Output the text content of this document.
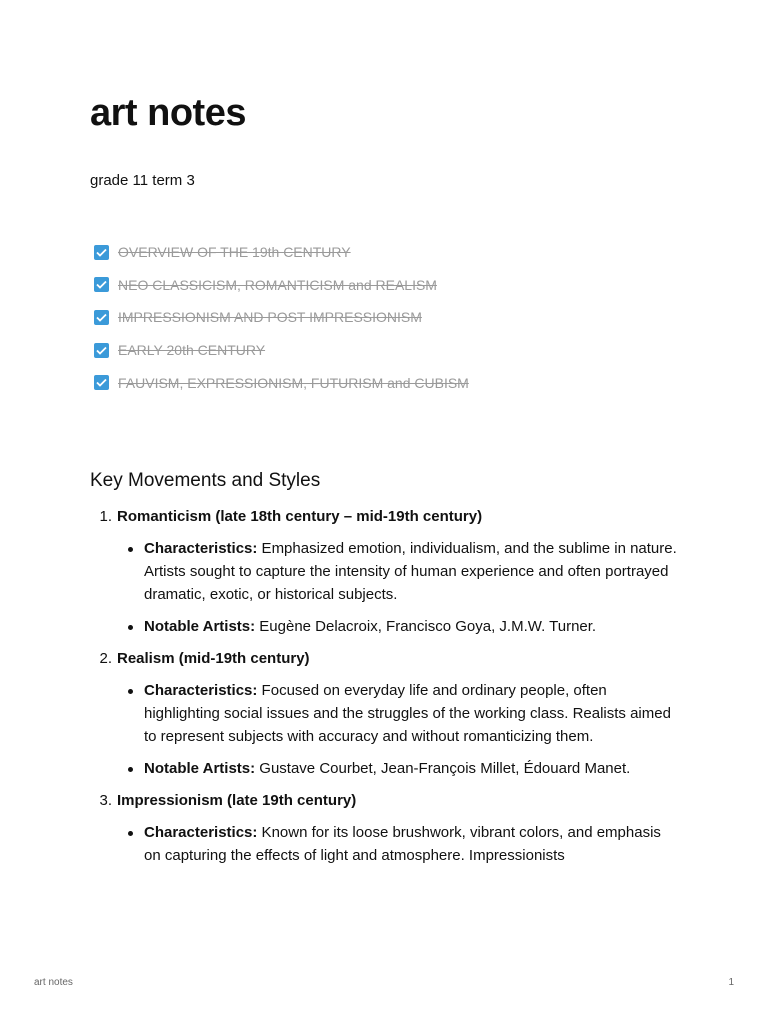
art notes
grade 11 term 3
OVERVIEW OF THE 19th CENTURY
NEO CLASSICISM, ROMANTICISM and REALISM
IMPRESSIONISM AND POST IMPRESSIONISM
EARLY 20th CENTURY
FAUVISM, EXPRESSIONISM, FUTURISM and CUBISM
Key Movements and Styles
1. Romanticism (late 18th century – mid-19th century)
Characteristics: Emphasized emotion, individualism, and the sublime in nature. Artists sought to capture the intensity of human experience and often portrayed dramatic, exotic, or historical subjects.
Notable Artists: Eugène Delacroix, Francisco Goya, J.M.W. Turner.
2. Realism (mid-19th century)
Characteristics: Focused on everyday life and ordinary people, often highlighting social issues and the struggles of the working class. Realists aimed to represent subjects with accuracy and without romanticizing them.
Notable Artists: Gustave Courbet, Jean-François Millet, Édouard Manet.
3. Impressionism (late 19th century)
Characteristics: Known for its loose brushwork, vibrant colors, and emphasis on capturing the effects of light and atmosphere. Impressionists
art notes	1
